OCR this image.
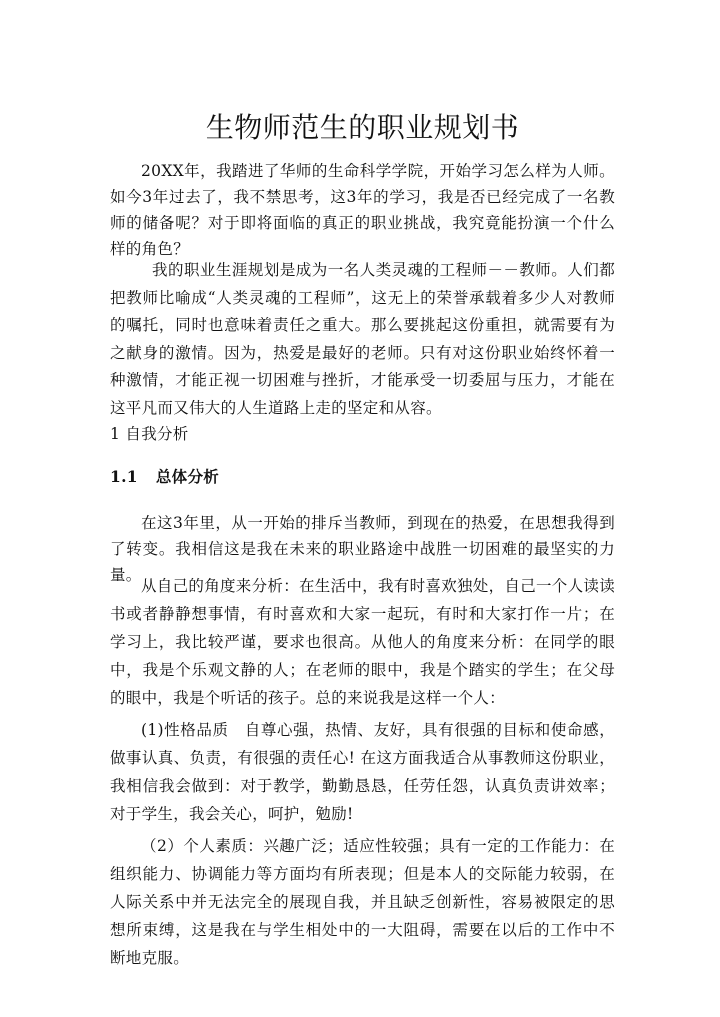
生物师范生的职业规划书

20XX年，我踏进了华师的生命科学学院，开始学习怎么样为人师。如今3年过去了，我不禁思考，这3年的学习，我是否已经完成了一名教师的储备呢？对于即将面临的真正的职业挑战，我究竟能扮演一个什么样的角色？

我的职业生涯规划是成为一名人类灵魂的工程师－－教师。人们都把教师比喻成“人类灵魂的工程师”，这无上的荣誉承载着多少人对教师的嘱托，同时也意味着责任之重大。那么要挑起这份重担，就需要有为之献身的激情。因为，热爱是最好的老师。只有对这份职业始终怀着一种激情，才能正视一切困难与挫折，才能承受一切委屈与压力，才能在这平凡而又伟大的人生道路上走的坚定和从容。

1 自我分析

1.1 总体分析

在这3年里，从一开始的排斥当教师，到现在的热爱，在思想我得到了转变。我相信这是我在未来的职业路途中战胜一切困难的最坚实的力量。

从自己的角度来分析：在生活中，我有时喜欢独处，自己一个人读读书或者静静想事情，有时喜欢和大家一起玩，有时和大家打作一片；在学习上，我比较严谨，要求也很高。从他人的角度来分析：在同学的眼中，我是个乐观文静的人；在老师的眼中，我是个踏实的学生；在父母的眼中，我是个听话的孩子。总的来说我是这样一个人：

(1)性格品质　自尊心强，热情、友好，具有很强的目标和使命感，做事认真、负责，有很强的责任心! 在这方面我适合从事教师这份职业，我相信我会做到：对于教学，勤勤恳恳，任劳任怨，认真负责讲效率；对于学生，我会关心，呵护，勉励!

（2）个人素质：兴趣广泛；适应性较强；具有一定的工作能力：在组织能力、协调能力等方面均有所表现；但是本人的交际能力较弱，在人际关系中并无法完全的展现自我，并且缺乏创新性，容易被限定的思想所束缚，这是我在与学生相处中的一大阻碍，需要在以后的工作中不断地克服。
